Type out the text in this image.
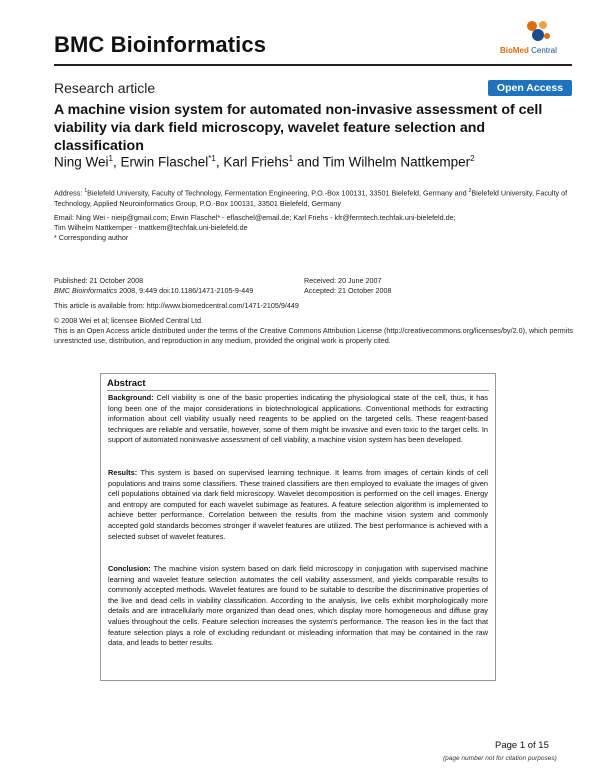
BMC Bioinformatics	BioMed Central
Research article	Open Access
A machine vision system for automated non-invasive assessment of cell viability via dark field microscopy, wavelet feature selection and classification
Ning Wei$^1$, Erwin Flaschel$^{*1}$, Karl Friehs$^1$ and Tim Wilhelm Nattkemper$^2$
Address: $^1$Bielefeld University, Faculty of Technology, Fermentation Engineering, P.O.-Box 100131, 33501 Bielefeld, Germany and $^2$Bielefeld University, Faculty of Technology, Applied Neuroinformatics Group, P.O.-Box 100131, 33501 Bielefeld, Germany
Email: Ning Wei - nieip@gmail.com; Erwin Flaschel* - eflaschel@email.de; Karl Friehs - kfr@fermtech.techfak.uni-bielefeld.de;
Tim Wilhelm Nattkemper - tnattkem@techfak.uni-bielefeld.de
* Corresponding author
Published: 21 October 2008
BMC Bioinformatics 2008, 9:449 doi:10.1186/1471-2105-9-449
Received: 20 June 2007
Accepted: 21 October 2008
This article is available from: http://www.biomedcentral.com/1471-2105/9/449
© 2008 Wei et al; licensee BioMed Central Ltd.
This is an Open Access article distributed under the terms of the Creative Commons Attribution License (http://creativecommons.org/licenses/by/2.0), which permits unrestricted use, distribution, and reproduction in any medium, provided the original work is properly cited.
Abstract
Background: Cell viability is one of the basic properties indicating the physiological state of the cell, thus, it has long been one of the major considerations in biotechnological applications. Conventional methods for extracting information about cell viability usually need reagents to be applied on the targeted cells. These reagent-based techniques are reliable and versatile, however, some of them might be invasive and even toxic to the target cells. In support of automated noninvasive assessment of cell viability, a machine vision system has been developed.
Results: This system is based on supervised learning technique. It learns from images of certain kinds of cell populations and trains some classifiers. These trained classifiers are then employed to evaluate the images of given cell populations obtained via dark field microscopy. Wavelet decomposition is performed on the cell images. Energy and entropy are computed for each wavelet subimage as features. A feature selection algorithm is implemented to achieve better performance. Correlation between the results from the machine vision system and commonly accepted gold standards becomes stronger if wavelet features are utilized. The best performance is achieved with a selected subset of wavelet features.
Conclusion: The machine vision system based on dark field microscopy in conjugation with supervised machine learning and wavelet feature selection automates the cell viability assessment, and yields comparable results to commonly accepted methods. Wavelet features are found to be suitable to describe the discriminative properties of the live and dead cells in viability classification. According to the analysis, live cells exhibit morphologically more details and are intracellularly more organized than dead ones, which display more homogeneous and diffuse gray values throughout the cells. Feature selection increases the system's performance. The reason lies in the fact that feature selection plays a role of excluding redundant or misleading information that may be contained in the raw data, and leads to better results.
Page 1 of 15
(page number not for citation purposes)
